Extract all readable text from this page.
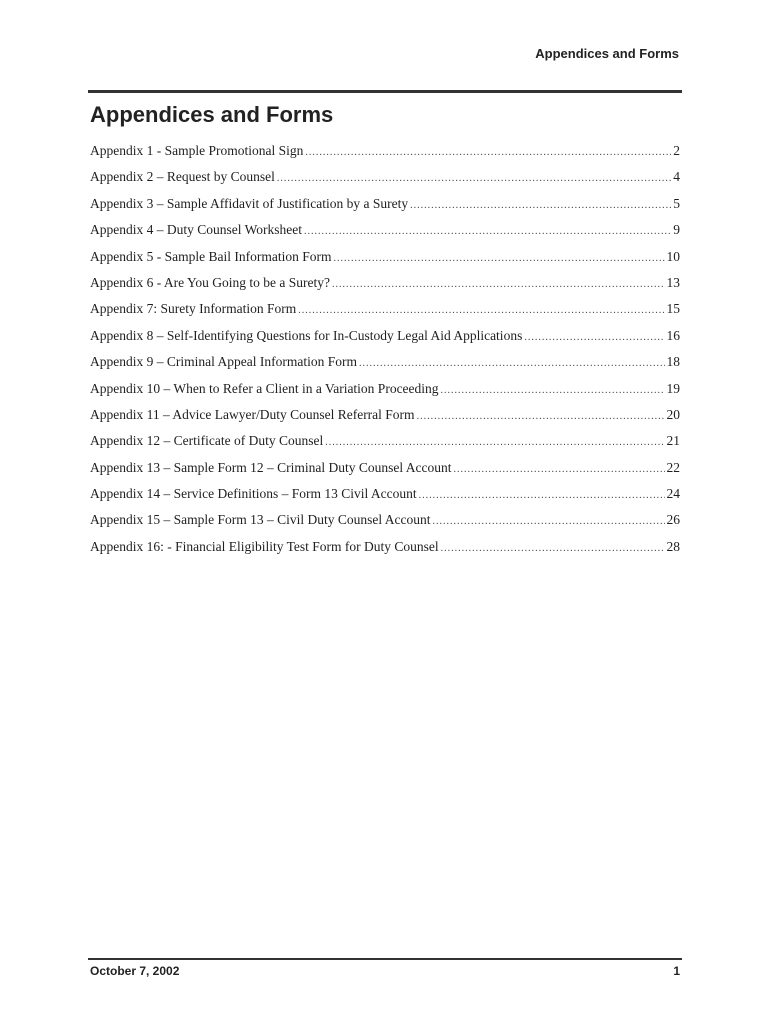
Appendices and Forms
Appendices and Forms
Appendix 1 - Sample Promotional Sign .....	2
Appendix 2 – Request by Counsel .....	4
Appendix 3 – Sample Affidavit of Justification by a Surety .....	5
Appendix 4 – Duty Counsel Worksheet .....	9
Appendix 5 - Sample Bail Information Form .....	10
Appendix 6 - Are You Going to be a Surety? .....	13
Appendix 7: Surety Information Form .....	15
Appendix 8 – Self-Identifying Questions for In-Custody Legal Aid Applications .....	16
Appendix 9 – Criminal Appeal Information Form .....	18
Appendix 10 – When to Refer a Client in a Variation Proceeding .....	19
Appendix 11 – Advice Lawyer/Duty Counsel Referral Form .....	20
Appendix 12 – Certificate of Duty Counsel .....	21
Appendix 13 – Sample Form 12 – Criminal Duty Counsel Account .....	22
Appendix 14 – Service Definitions – Form 13 Civil Account .....	24
Appendix 15 – Sample Form 13 – Civil Duty Counsel Account .....	26
Appendix 16: - Financial Eligibility Test Form for Duty Counsel .....	28
October 7, 2002	1
